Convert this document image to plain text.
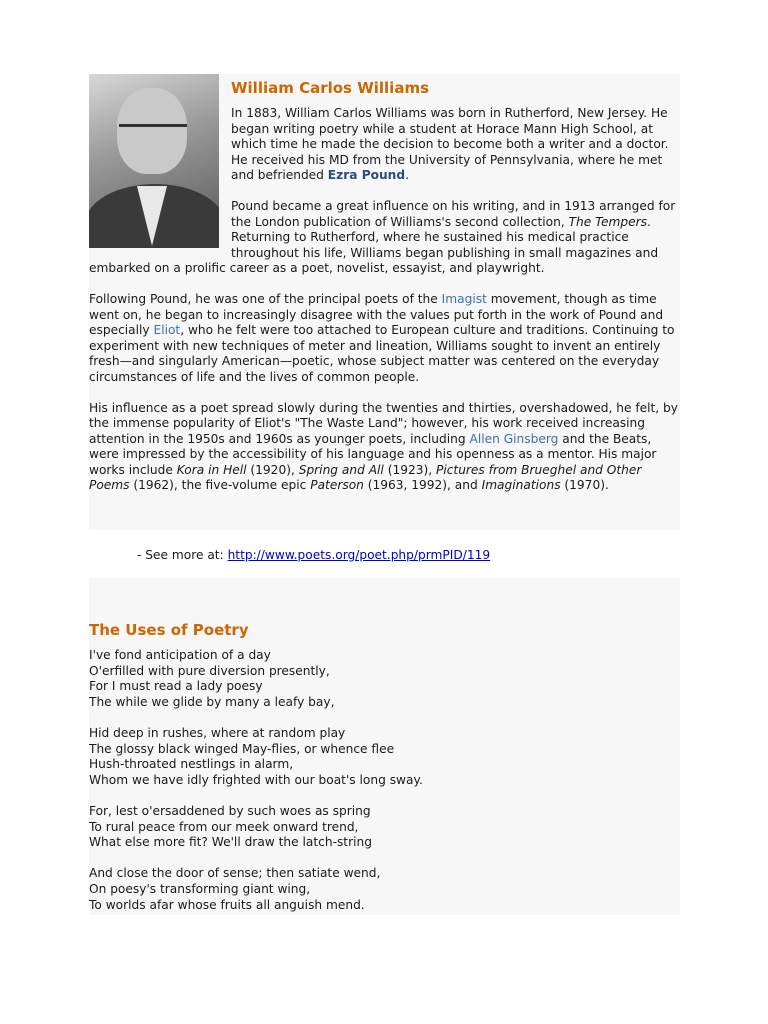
William Carlos Williams

In 1883, William Carlos Williams was born in Rutherford, New Jersey. He began writing poetry while a student at Horace Mann High School, at which time he made the decision to become both a writer and a doctor. He received his MD from the University of Pennsylvania, where he met and befriended Ezra Pound.

Pound became a great influence on his writing, and in 1913 arranged for the London publication of Williams's second collection, The Tempers. Returning to Rutherford, where he sustained his medical practice throughout his life, Williams began publishing in small magazines and embarked on a prolific career as a poet, novelist, essayist, and playwright.

Following Pound, he was one of the principal poets of the Imagist movement, though as time went on, he began to increasingly disagree with the values put forth in the work of Pound and especially Eliot, who he felt were too attached to European culture and traditions. Continuing to experiment with new techniques of meter and lineation, Williams sought to invent an entirely fresh—and singularly American—poetic, whose subject matter was centered on the everyday circumstances of life and the lives of common people.

His influence as a poet spread slowly during the twenties and thirties, overshadowed, he felt, by the immense popularity of Eliot's "The Waste Land"; however, his work received increasing attention in the 1950s and 1960s as younger poets, including Allen Ginsberg and the Beats, were impressed by the accessibility of his language and his openness as a mentor. His major works include Kora in Hell (1920), Spring and All (1923), Pictures from Brueghel and Other Poems (1962), the five-volume epic Paterson (1963, 1992), and Imaginations (1970).

- See more at: http://www.poets.org/poet.php/prmPID/119
The Uses of Poetry
I've fond anticipation of a day
O'erfilled with pure diversion presently,
For I must read a lady poesy
The while we glide by many a leafy bay,
Hid deep in rushes, where at random play
The glossy black winged May-flies, or whence flee
Hush-throated nestlings in alarm,
Whom we have idly frighted with our boat's long sway.
For, lest o'ersaddened by such woes as spring
To rural peace from our meek onward trend,
What else more fit? We'll draw the latch-string
And close the door of sense; then satiate wend,
On poesy's transforming giant wing,
To worlds afar whose fruits all anguish mend.
